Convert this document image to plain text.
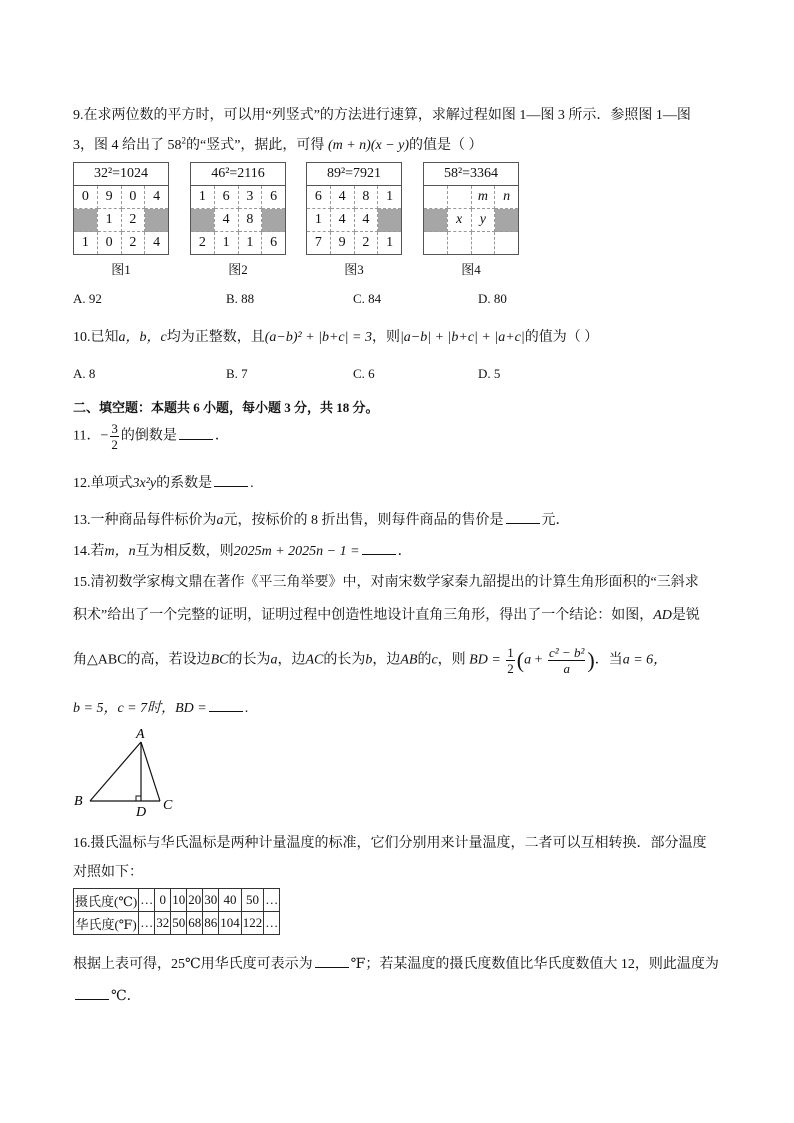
9.在求两位数的平方时，可以用“列竖式”的方法进行速算，求解过程如图 1—图 3 所示．参照图 1—图
3，图 4 给出了 $58^2$的“竖式”，据此，可得 (m + n)(x − y)的值是（ ）
32²=1024			
0	9	0	4
	1	2	
1	0	2	4
图1
46²=2116			
1	6	3	6
	4	8	
2	1	1	6
图2
89²=7921			
6	4	8	1
1	4	4	
7	9	2	1
图3
58²=3364			
		m	n
	x	y	

图4
A. 92	B. 88	C. 84	D. 80
10.已知a，b，c均为正整数，且(a−b)² + |b+c| = 3，则|a−b| + |b+c| + |a+c|的值为（ ）
A. 8	B. 7	C. 6	D. 5
二、填空题：本题共 6 小题，每小题 3 分，共 18 分。
11．− $\frac{3}{2}$ 的倒数是	．
12.单项式3x²y的系数是	.
13.一种商品每件标价为a元，按标价的 8 折出售，则每件商品的售价是	元．
14.若m，n互为相反数，则2025m + 2025n − 1 =	．
15.清初数学家梅文鼎在著作《平三角举要》中，对南宋数学家秦九韶提出的计算生角形面积的“三斜求
积术”给出了一个完整的证明，证明过程中创造性地设计直角三角形，得出了一个结论：如图，AD是锐
角△ABC的高，若设边BC的长为a，边AC的长为b，边AB的c，则 BD = $\frac{1}{2} (a + \frac{\text{c² − b²}}{a}$ )．当a = 6，
b = 5，c = 7时，BD =	.
A
B	C
D
16.摄氏温标与华氏温标是两种计量温度的标准，它们分别用来计量温度，二者可以互相转换．部分温度
对照如下：
摄氏度(℃)	…	0	10	20	30	40	50	…
华氏度(℉)	…	32	50	68	86	104	122	…
根据上表可得，25℃用华氏度可表示为	℉；若某温度的摄氏度数值比华氏度数值大 12，则此温度为
℃．
